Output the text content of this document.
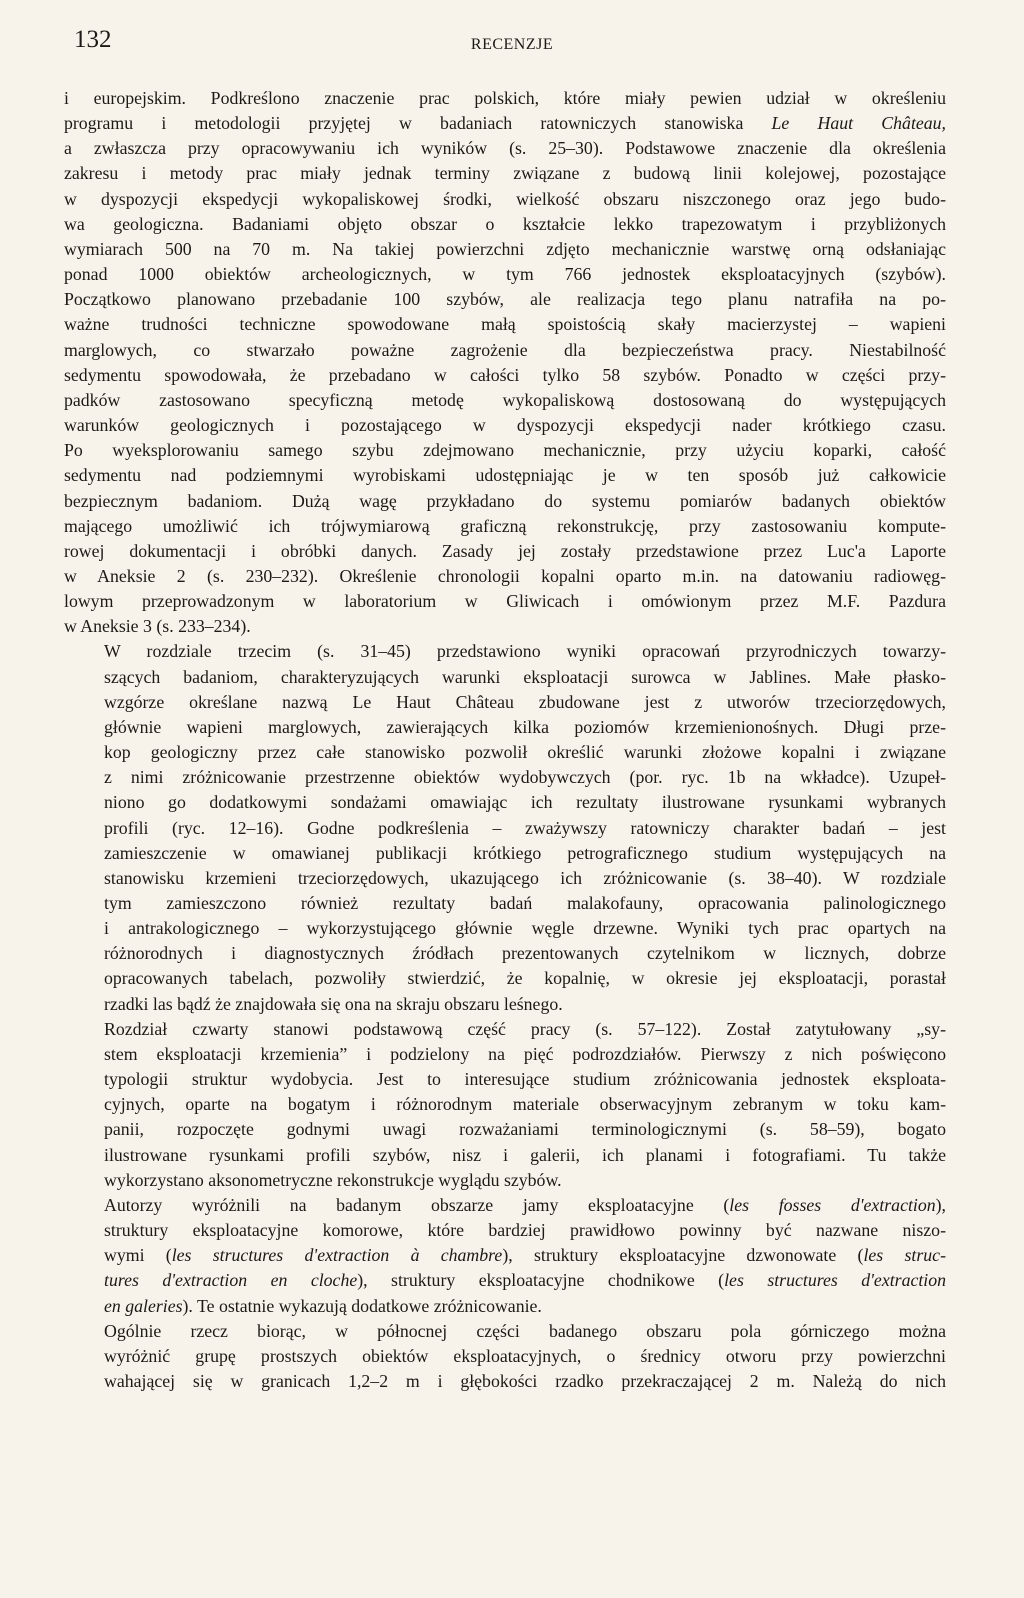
132	RECENZJE

i europejskim. Podkreślono znaczenie prac polskich, które miały pewien udział w określeniu
programu i metodologii przyjętej w badaniach ratowniczych stanowiska Le Haut Château,
a zwłaszcza przy opracowywaniu ich wyników (s. 25–30). Podstawowe znaczenie dla określenia
zakresu i metody prac miały jednak terminy związane z budową linii kolejowej, pozostające
w dyspozycji ekspedycji wykopaliskowej środki, wielkość obszaru niszczonego oraz jego budo-
wa geologiczna. Badaniami objęto obszar o kształcie lekko trapezowatym i przybliżonych
wymiarach 500 na 70 m. Na takiej powierzchni zdjęto mechanicznie warstwę orną odsłaniając
ponad 1000 obiektów archeologicznych, w tym 766 jednostek eksploatacyjnych (szybów).
Początkowo planowano przebadanie 100 szybów, ale realizacja tego planu natrafiła na po-
ważne trudności techniczne spowodowane małą spoistością skały macierzystej – wapieni
marglowych, co stwarzało poważne zagrożenie dla bezpieczeństwa pracy. Niestabilność
sedymentu spowodowała, że przebadano w całości tylko 58 szybów. Ponadto w części przy-
padków zastosowano specyficzną metodę wykopaliskową dostosowaną do występujących
warunków geologicznych i pozostającego w dyspozycji ekspedycji nader krótkiego czasu.
Po wyeksplorowaniu samego szybu zdejmowano mechanicznie, przy użyciu koparki, całość
sedymentu nad podziemnymi wyrobiskami udostępniając je w ten sposób już całkowicie
bezpiecznym badaniom. Dużą wagę przykładano do systemu pomiarów badanych obiektów
mającego umożliwić ich trójwymiarową graficzną rekonstrukcję, przy zastosowaniu kompute-
rowej dokumentacji i obróbki danych. Zasady jej zostały przedstawione przez Luc'a Laporte
w Aneksie 2 (s. 230–232). Określenie chronologii kopalni oparto m.in. na datowaniu radiowęg-
lowym przeprowadzonym w laboratorium w Gliwicach i omówionym przez M.F. Pazdura
w Aneksie 3 (s. 233–234).

W rozdziale trzecim (s. 31–45) przedstawiono wyniki opracowań przyrodniczych towarzy-
szących badaniom, charakteryzujących warunki eksploatacji surowca w Jablines. Małe płasko-
wzgórze określane nazwą Le Haut Château zbudowane jest z utworów trzeciorzędowych,
głównie wapieni marglowych, zawierających kilka poziomów krzemienionośnych. Długi prze-
kop geologiczny przez całe stanowisko pozwolił określić warunki złożowe kopalni i związane
z nimi zróżnicowanie przestrzenne obiektów wydobywczych (por. ryc. 1b na wkładce). Uzupeł-
niono go dodatkowymi sondażami omawiając ich rezultaty ilustrowane rysunkami wybranych
profili (ryc. 12–16). Godne podkreślenia – zważywszy ratowniczy charakter badań – jest
zamieszczenie w omawianej publikacji krótkiego petrograficznego studium występujących na
stanowisku krzemieni trzeciorzędowych, ukazującego ich zróżnicowanie (s. 38–40). W rozdziale
tym zamieszczono również rezultaty badań malakofauny, opracowania palinologicznego
i antrakologicznego – wykorzystującego głównie węgle drzewne. Wyniki tych prac opartych na
różnorodnych i diagnostycznych źródłach prezentowanych czytelnikom w licznych, dobrze
opracowanych tabelach, pozwoliły stwierdzić, że kopalnię, w okresie jej eksploatacji, porastał
rzadki las bądź że znajdowała się ona na skraju obszaru leśnego.

Rozdział czwarty stanowi podstawową część pracy (s. 57–122). Został zatytułowany „sy-
stem eksploatacji krzemienia” i podzielony na pięć podrozdziałów. Pierwszy z nich poświęcono
typologii struktur wydobycia. Jest to interesujące studium zróżnicowania jednostek eksploata-
cyjnych, oparte na bogatym i różnorodnym materiale obserwacyjnym zebranym w toku kam-
panii, rozpoczęte godnymi uwagi rozważaniami terminologicznymi (s. 58–59), bogato
ilustrowane rysunkami profili szybów, nisz i galerii, ich planami i fotografiami. Tu także
wykorzystano aksonometryczne rekonstrukcje wyglądu szybów.

Autorzy wyróżnili na badanym obszarze jamy eksploatacyjne (les fosses d'extraction),
struktury eksploatacyjne komorowe, które bardziej prawidłowo powinny być nazwane niszo-
wymi (les structures d'extraction à chambre), struktury eksploatacyjne dzwonowate (les struc-
tures d'extraction en cloche), struktury eksploatacyjne chodnikowe (les structures d'extraction
en galeries). Te ostatnie wykazują dodatkowe zróżnicowanie.

Ogólnie rzecz biorąc, w północnej części badanego obszaru pola górniczego można
wyróżnić grupę prostszych obiektów eksploatacyjnych, o średnicy otworu przy powierzchni
wahającej się w granicach 1,2–2 m i głębokości rzadko przekraczającej 2 m. Należą do nich
